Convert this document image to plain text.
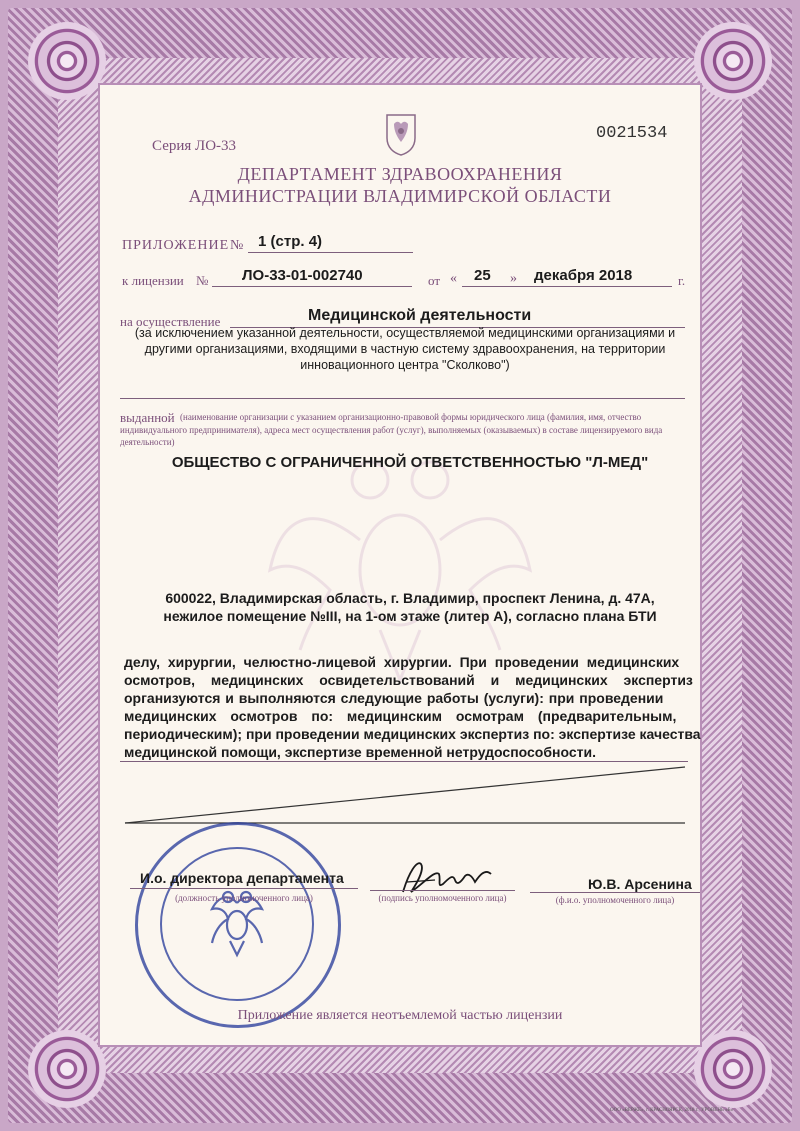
Серия ЛО-33
0021534
ДЕПАРТАМЕНТ ЗДРАВООХРАНЕНИЯ
АДМИНИСТРАЦИИ ВЛАДИМИРСКОЙ ОБЛАСТИ
ПРИЛОЖЕНИЕ № 1 (стр. 4)
к лицензии № ЛО-33-01-002740	от « 25 » декабря 2018	г.
на осуществление	Медицинской деятельности
(за исключением указанной деятельности, осуществляемой медицинскими организациями и
другими организациями, входящими в частную систему здравоохранения, на территории
инновационного центра "Сколково")
выданной (наименование организации с указанием организационно-правовой формы юридического лица (фамилия, имя, отчество
индивидуального предпринимателя), адреса мест осуществления работ (услуг), выполняемых (оказываемых) в составе лицензируемого вида
деятельности)
ОБЩЕСТВО С ОГРАНИЧЕННОЙ ОТВЕТСТВЕННОСТЬЮ "Л-МЕД"
600022, Владимирская область, г. Владимир, проспект Ленина, д. 47А,
нежилое помещение №III, на 1-ом этаже (литер А), согласно плана БТИ
делу, хирургии, челюстно-лицевой хирургии. При проведении медицинских
осмотров, медицинских освидетельствований и медицинских экспертиз
организуются и выполняются следующие работы (услуги): при проведении
медицинских осмотров по: медицинским осмотрам (предварительным,
периодическим); при проведении медицинских экспертиз по: экспертизе качества
медицинской помощи, экспертизе временной нетрудоспособности.
И.о. директора департамента
(должность уполномоченного лица)	(подпись уполномоченного лица)
Ю.В. Арсенина
(ф.и.о. уполномоченного лица)
Приложение является неотъемлемой частью лицензии
ООО «ВЕРЖЕ», г. КРАСНОЯРСК, 2018 г., УРОВЕНЬ «Б»
